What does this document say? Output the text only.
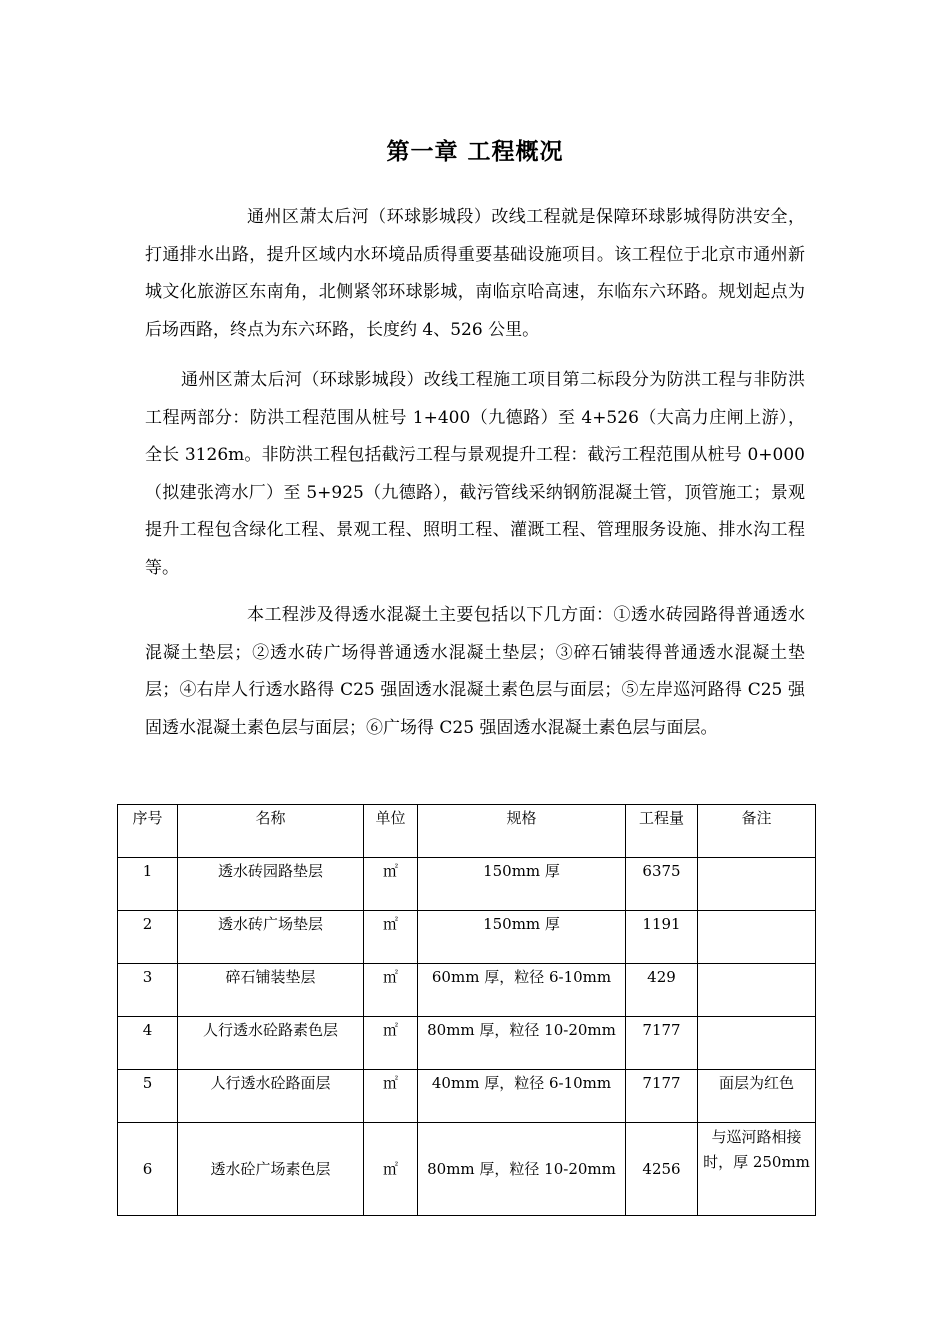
第一章 工程概况

通州区萧太后河（环球影城段）改线工程就是保障环球影城得防洪安全，打通排水出路，提升区域内水环境品质得重要基础设施项目。该工程位于北京市通州新城文化旅游区东南角，北侧紧邻环球影城，南临京哈高速，东临东六环路。规划起点为后场西路，终点为东六环路，长度约 4、526 公里。

通州区萧太后河（环球影城段）改线工程施工项目第二标段分为防洪工程与非防洪工程两部分：防洪工程范围从桩号 1+400（九德路）至 4+526（大高力庄闸上游），全长 3126m。非防洪工程包括截污工程与景观提升工程：截污工程范围从桩号 0+000（拟建张湾水厂）至 5+925（九德路），截污管线采纳钢筋混凝土管，顶管施工；景观提升工程包含绿化工程、景观工程、照明工程、灌溉工程、管理服务设施、排水沟工程等。

本工程涉及得透水混凝土主要包括以下几方面：①透水砖园路得普通透水混凝土垫层；②透水砖广场得普通透水混凝土垫层；③碎石铺装得普通透水混凝土垫层；④右岸人行透水路得 C25 强固透水混凝土素色层与面层；⑤左岸巡河路得 C25 强固透水混凝土素色层与面层；⑥广场得 C25 强固透水混凝土素色层与面层。

序号	名称	单位	规格	工程量	备注
1	透水砖园路垫层	㎡	150mm 厚	6375	
2	透水砖广场垫层	㎡	150mm 厚	1191	
3	碎石铺装垫层	㎡	60mm 厚，粒径 6-10mm	429	
4	人行透水砼路素色层	㎡	80mm 厚，粒径 10-20mm	7177	
5	人行透水砼路面层	㎡	40mm 厚，粒径 6-10mm	7177	面层为红色
6	透水砼广场素色层	㎡	80mm 厚，粒径 10-20mm	4256	与巡河路相接时，厚 250mm
